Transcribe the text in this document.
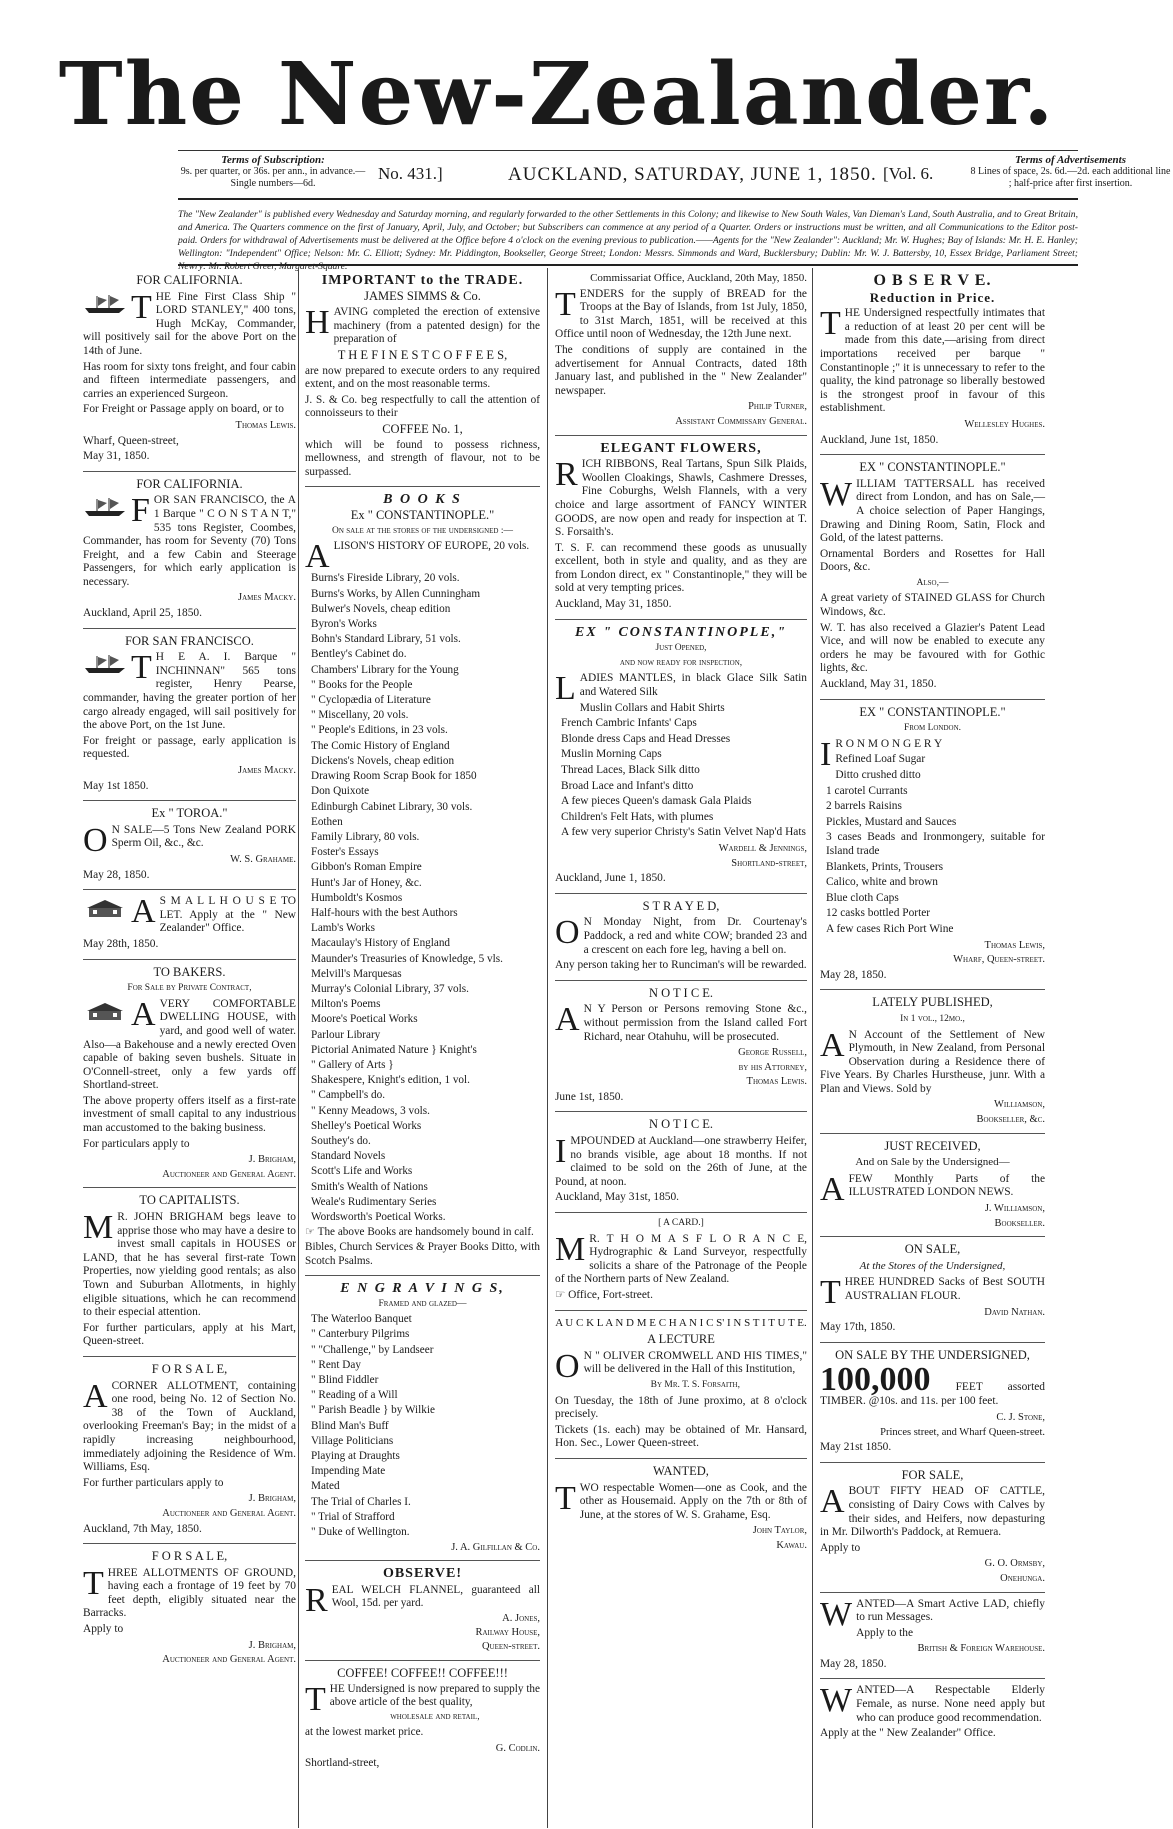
The New-Zealander.
Terms of Subscription:
9s. per quarter, or 36s. per ann., in advance.—Single numbers—6d.
No. 431.]	AUCKLAND, SATURDAY, JUNE 1, 1850. [Vol. 6.
Terms of Advertisements
8 Lines of space, 2s. 6d.—2d. each additional line ; half-price after first insertion.
The "New Zealander" is published every Wednesday and Saturday morning, and regularly forwarded to the other Settlements in this Colony; and likewise to New South Wales, Van Dieman's Land, South Australia, and to Great Britain, and America. The Quarters commence on the first of January, April, July, and October; but Subscribers can commence at any period of a Quarter. Orders or instructions must be written, and all Communications to the Editor post-paid. Orders for withdrawal of Advertisements must be delivered at the Office before 4 o'clock on the evening previous to publication.——Agents for the "New Zealander": Auckland; Mr. W. Hughes; Bay of Islands: Mr. H. E. Hanley; Wellington: "Independent" Office; Nelson: Mr. C. Elliott; Sydney: Mr. Piddington, Bookseller, George Street; London: Messrs. Simmonds and Ward, Bucklersbury; Dublin: Mr. W. J. Battersby, 10, Essex Bridge, Parliament Street; Newry: Mr. Robert Greer, Margaret-Square.
FOR CALIFORNIA.

THE Fine First Class Ship " LORD STANLEY," 400 tons, Hugh McKay, Commander, will positively sail for the above Port on the 14th of June.

Has room for sixty tons freight, and four cabin and fifteen intermediate passengers, and carries an experienced Surgeon.

For Freight or Passage apply on board, or to

Thomas Lewis.
Wharf, Queen-street,
May 31, 1850.
FOR CALIFORNIA.

FOR SAN FRANCISCO, the A 1 Barque " C O N S T A N T," 535 tons Register, Coombes, Commander, has room for Seventy (70) Tons Freight, and a few Cabin and Steerage Passengers, for which early application is necessary.

James Macky.
Auckland, April 25, 1850.
FOR SAN FRANCISCO.

T H E A. I. Barque " INCHINNAN" 565 tons register, Henry Pearse, commander, having the greater portion of her cargo already engaged, will sail positively for the above Port, on the 1st June.

For freight or passage, early application is requested.

James Macky.
May 1st 1850.
Ex " TOROA."

O N SALE—5 Tons New Zealand PORK Sperm Oil, &c., &c.

W. S. Grahame.
May 28, 1850.

A S M A L L H O U S E TO LET. Apply at the " New Zealander" Office.

May 28th, 1850.
TO BAKERS.
For Sale by Private Contract,

AVERY COMFORTABLE DWELLING HOUSE, with yard, and good well of water. Also—a Bakehouse and a newly erected Oven capable of baking seven bushels. Situate in O'Connell-street, only a few yards off Shortland-street.

The above property offers itself as a first-rate investment of small capital to any industrious man accustomed to the baking business.

For particulars apply to

J. Brigham,
Auctioneer and General Agent.
TO CAPITALISTS.

M R. JOHN BRIGHAM begs leave to apprise those who may have a desire to invest small capitals in HOUSES or LAND, that he has several first-rate Town Properties, now yielding good rentals; as also Town and Suburban Allotments, in highly eligible situations, which he can recommend to their especial attention.

For further particulars, apply at his Mart, Queen-street.

F O R S A L E,

ACORNER ALLOTMENT, containing one rood, being No. 12 of Section No. 38 of the Town of Auckland, overlooking Freeman's Bay; in the midst of a rapidly increasing neighbourhood, immediately adjoining the Residence of Wm. Williams, Esq.

For further particulars apply to

J. Brigham,
Auctioneer and General Agent.
Auckland, 7th May, 1850.
F O R S A L E,

THREE ALLOTMENTS OF GROUND, having each a frontage of 19 feet by 70 feet depth, eligibly situated near the Barracks.

Apply to

J. Brigham,
Auctioneer and General Agent.
IMPORTANT to the TRADE.
JAMES SIMMS & Co.

HAVING completed the erection of extensive machinery (from a patented design) for the preparation of

T H E F I N E S T C O F F E E S,

are now prepared to execute orders to any required extent, and on the most reasonable terms.

J. S. & Co. beg respectfully to call the attention of connoisseurs to their

COFFEE No. 1,

which will be found to possess richness, mellowness, and strength of flavour, not to be surpassed.

B O O K S
Ex " CONSTANTINOPLE."
On sale at the stores of the undersigned :—

ALISON'S HISTORY OF EUROPE, 20 vols.

Burns's Fireside Library, 20 vols.

Burns's Works, by Allen Cunningham

Bulwer's Novels, cheap edition

Byron's Works

Bohn's Standard Library, 51 vols.

Bentley's Cabinet do.

Chambers' Library for the Young

" Books for the People

" Cyclopædia of Literature

" Miscellany, 20 vols.

" People's Editions, in 23 vols.

The Comic History of England

Dickens's Novels, cheap edition

Drawing Room Scrap Book for 1850

Don Quixote

Edinburgh Cabinet Library, 30 vols.

Eothen

Family Library, 80 vols.

Foster's Essays

Gibbon's Roman Empire

Hunt's Jar of Honey, &c.

Humboldt's Kosmos

Half-hours with the best Authors

Lamb's Works

Macaulay's History of England

Maunder's Treasuries of Knowledge, 5 vls.

Melvill's Marquesas

Murray's Colonial Library, 37 vols.

Milton's Poems

Moore's Poetical Works

Parlour Library

Pictorial Animated Nature } Knight's

" Gallery of Arts }

Shakespere, Knight's edition, 1 vol.

" Campbell's do.

" Kenny Meadows, 3 vols.

Shelley's Poetical Works

Southey's do.

Standard Novels

Scott's Life and Works

Smith's Wealth of Nations

Weale's Rudimentary Series

Wordsworth's Poetical Works.

☞ The above Books are handsomely bound in calf.

Bibles, Church Services & Prayer Books Ditto, with Scotch Psalms.

E N G R A V I N G S,
Framed and glazed—

The Waterloo Banquet

" Canterbury Pilgrims

" "Challenge," by Landseer

" Rent Day

" Blind Fiddler

" Reading of a Will

" Parish Beadle } by Wilkie

Blind Man's Buff

Village Politicians

Playing at Draughts

Impending Mate

Mated

The Trial of Charles I.

" Trial of Strafford

" Duke of Wellington.

J. A. Gilfillan & Co.
OBSERVE!

REAL WELCH FLANNEL, guaranteed all Wool, 15d. per yard.

A. Jones,
Railway House,
Queen-street.
COFFEE! COFFEE!! COFFEE!!!

THE Undersigned is now prepared to supply the above article of the best quality,

wholesale and retail,

at the lowest market price.

G. Codlin.
Shortland-street,
Commissariat Office, Auckland, 20th May, 1850.

TENDERS for the supply of BREAD for the Troops at the Bay of Islands, from 1st July, 1850, to 31st March, 1851, will be received at this Office until noon of Wednesday, the 12th June next.

The conditions of supply are contained in the advertisement for Annual Contracts, dated 18th January last, and published in the " New Zealander" newspaper.

Philip Turner,
Assistant Commissary General.
ELEGANT FLOWERS,

RICH RIBBONS, Real Tartans, Spun Silk Plaids, Woollen Cloakings, Shawls, Cashmere Dresses, Fine Coburghs, Welsh Flannels, with a very choice and large assortment of FANCY WINTER GOODS, are now open and ready for inspection at T. S. Forsaith's.

T. S. F. can recommend these goods as unusually excellent, both in style and quality, and as they are from London direct, ex " Constantinople," they will be sold at very tempting prices.

Auckland, May 31, 1850.
EX " CONSTANTINOPLE,"
Just Opened,
and now ready for inspection,

LADIES MANTLES, in black Glace Silk Satin and Watered Silk

Muslin Collars and Habit Shirts

French Cambric Infants' Caps

Blonde dress Caps and Head Dresses

Muslin Morning Caps

Thread Laces, Black Silk ditto

Broad Lace and Infant's ditto

A few pieces Queen's damask Gala Plaids

Children's Felt Hats, with plumes

A few very superior Christy's Satin Velvet Nap'd Hats

Wardell & Jennings,
Shortland-street,
Auckland, June 1, 1850.
S T R A Y E D,

O N Monday Night, from Dr. Courtenay's Paddock, a red and white COW; branded 23 and a crescent on each fore leg, having a bell on.

Any person taking her to Runciman's will be rewarded.

N O T I C E.

A N Y Person or Persons removing Stone &c., without permission from the Island called Fort Richard, near Otahuhu, will be prosecuted.

George Russell,
by his Attorney,
Thomas Lewis.
June 1st, 1850.
N O T I C E.

IMPOUNDED at Auckland—one strawberry Heifer, no brands visible, age about 18 months. If not claimed to be sold on the 26th of June, at the Pound, at noon.

Auckland, May 31st, 1850.
[ A CARD.]

M R. T H O M A S F L O R A N C E, Hydrographic & Land Surveyor, respectfully solicits a share of the Patronage of the People of the Northern parts of New Zealand.

☞ Office, Fort-street.

A U C K L A N D M E C H A N I C S' I N S T I T U T E.
A LECTURE

O N " OLIVER CROMWELL AND HIS TIMES," will be delivered in the Hall of this Institution,

By Mr. T. S. Forsaith,

On Tuesday, the 18th of June proximo, at 8 o'clock precisely.

Tickets (1s. each) may be obtained of Mr. Hansard, Hon. Sec., Lower Queen-street.

WANTED,

TWO respectable Women—one as Cook, and the other as Housemaid. Apply on the 7th or 8th of June, at the stores of W. S. Grahame, Esq.

John Taylor,
Kawau.
O B S E R V E.
Reduction in Price.

THE Undersigned respectfully intimates that a reduction of at least 20 per cent will be made from this date,—arising from direct importations received per barque " Constantinople ;" it is unnecessary to refer to the quality, the kind patronage so liberally bestowed is the strongest proof in favour of this establishment.

Wellesley Hughes.
Auckland, June 1st, 1850.
EX " CONSTANTINOPLE."

WILLIAM TATTERSALL has received direct from London, and has on Sale,— A choice selection of Paper Hangings, Drawing and Dining Room, Satin, Flock and Gold, of the latest patterns.

Ornamental Borders and Rosettes for Hall Doors, &c.

Also,—

A great variety of STAINED GLASS for Church Windows, &c.

W. T. has also received a Glazier's Patent Lead Vice, and will now be enabled to execute any orders he may be favoured with for Gothic lights, &c.

Auckland, May 31, 1850.
EX " CONSTANTINOPLE."
From London.

I R O N M O N G E R Y

Refined Loaf Sugar

Ditto crushed ditto

1 carotel Currants

2 barrels Raisins

Pickles, Mustard and Sauces

3 cases Beads and Ironmongery, suitable for Island trade

Blankets, Prints, Trousers

Calico, white and brown

Blue cloth Caps

12 casks bottled Porter

A few cases Rich Port Wine

Thomas Lewis,
Wharf, Queen-street.
May 28, 1850.
LATELY PUBLISHED,
In 1 vol., 12mo.,

A N Account of the Settlement of New Plymouth, in New Zealand, from Personal Observation during a Residence there of Five Years. By Charles Hurstheuse, junr. With a Plan and Views. Sold by

Williamson,
Bookseller, &c.
JUST RECEIVED,
And on Sale by the Undersigned—

AFEW Monthly Parts of the ILLUSTRATED LONDON NEWS.

J. Williamson,
Bookseller.
ON SALE,
At the Stores of the Undersigned,

THREE HUNDRED Sacks of Best SOUTH AUSTRALIAN FLOUR.

David Nathan.
May 17th, 1850.
ON SALE BY THE UNDERSIGNED,

100,000 FEET assorted TIMBER. @10s. and 11s. per 100 feet.

C. J. Stone,
Princes street, and Wharf Queen-street.
May 21st 1850.
FOR SALE,

ABOUT FIFTY HEAD OF CATTLE, consisting of Dairy Cows with Calves by their sides, and Heifers, now depasturing in Mr. Dilworth's Paddock, at Remuera.

Apply to

G. O. Ormsby,
Onehunga.

WANTED—A Smart Active LAD, chiefly to run Messages.

Apply to the

British & Foreign Warehouse.
May 28, 1850.

WANTED—A Respectable Elderly Female, as nurse. None need apply but who can produce good recommendation.

Apply at the " New Zealander" Office.
